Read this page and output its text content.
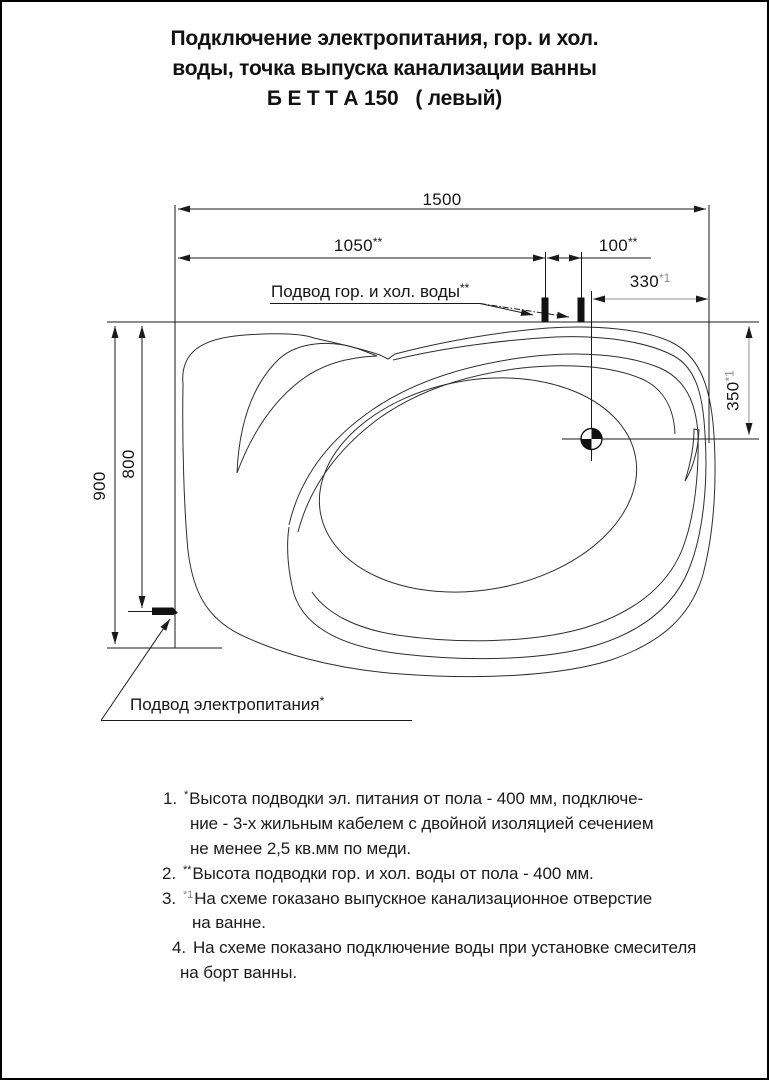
Подключение электропитания, гор. и хол.
воды, точка выпуска канализации ванны
Б Е Т Т А 150   ( левый)
1500
1050**	100**
330$^{*1}$
350$^{*1}$
900
800
Подвод гор. и хол. воды**
Подвод электропитания*
1. *Высота подводки эл. питания от пола - 400 мм, подключе-
ние - 3-х жильным кабелем с двойной изоляцией сечением
не менее 2,5 кв.мм по меди.
2. **Высота подводки гор. и хол. воды от пола - 400 мм.
3. $^{*1}$На схеме гоказано выпускное канализационное отверстие
на ванне.
4. На схеме показано подключение воды при установке смесителя
на борт ванны.
